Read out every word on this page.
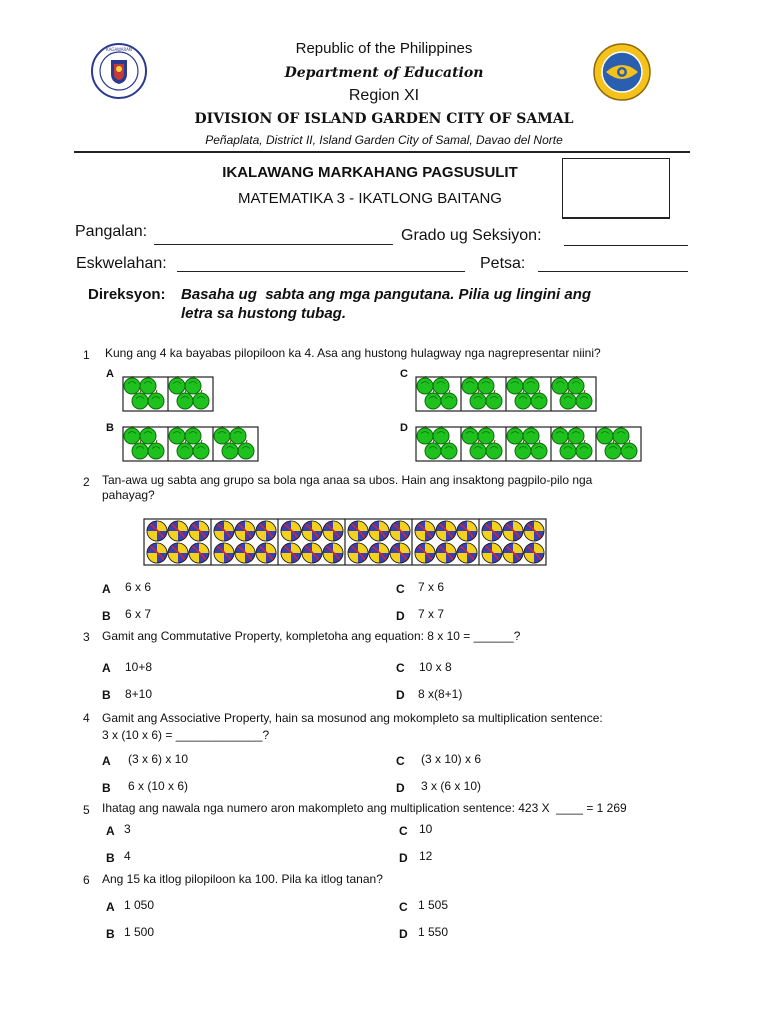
KAGAWARAN	Republic of the Philippines
Department of Education
Region XI
DIVISION OF ISLAND GARDEN CITY OF SAMAL
Peñaplata, District II, Island Garden City of Samal, Davao del Norte
IKALAWANG MARKAHANG PAGSUSULIT
MATEMATIKA 3 - IKATLONG BAITANG
Pangalan:	Grado ug Seksiyon:
Eskwelahan:	Petsa:
Direksyon: Basaha ug  sabta ang mga pangutana. Pilia ug lingini ang
letra sa hustong tubag.
1 Kung ang 4 ka bayabas pilopiloon ka 4. Asa ang hustong hulagway nga nagrepresentar niini?
A	C
B	D
2 Tan-awa ug sabta ang grupo sa bola nga anaa sa ubos. Hain ang insaktong pagpilo-pilo nga
pahayag?
A 6 x 6	C 7 x 6
B 6 x 7	D 7 x 7
3 Gamit ang Commutative Property, kompletoha ang equation: 8 x 10 = ______?
A 10+8	C 10 x 8
B 8+10	D 8 x(8+1)
4 Gamit ang Associative Property, hain sa mosunod ang mokompleto sa multiplication sentence:
3 x (10 x 6) = _____________?
A (3 x 6) x 10	C (3 x 10) x 6
B 6 x (10 x 6)	D 3 x (6 x 10)
5 Ihatag ang nawala nga numero aron makompleto ang multiplication sentence: 423 X  ____ = 1 269
A 3	C 10
B 4	D 12
6 Ang 15 ka itlog pilopiloon ka 100. Pila ka itlog tanan?
A 1 050	C 1 505
B 1 500	D 1 550
